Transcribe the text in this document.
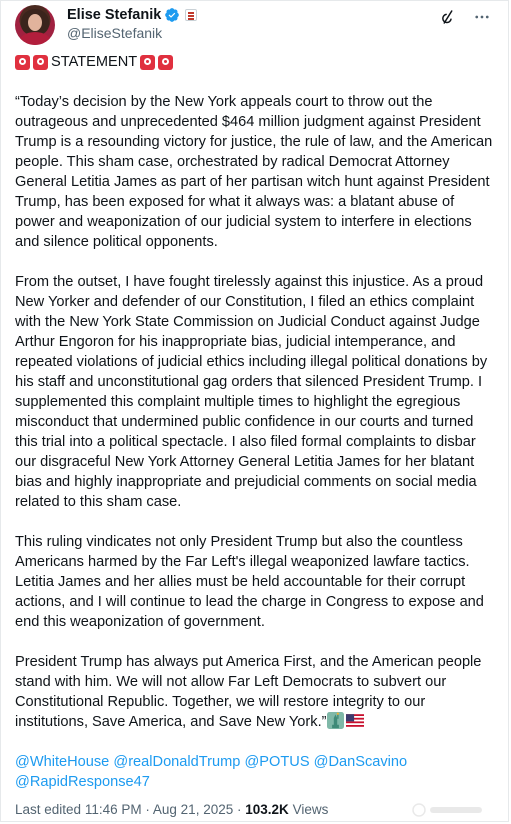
Elise Stefanik
@EliseStefanik
STATEMENT

“Today’s decision by the New York appeals court to throw out the outrageous and unprecedented $464 million judgment against President Trump is a resounding victory for justice, the rule of law, and the American people. This sham case, orchestrated by radical Democrat Attorney General Letitia James as part of her partisan witch hunt against President Trump, has been exposed for what it always was: a blatant abuse of power and weaponization of our judicial system to interfere in elections and silence political opponents.

From the outset, I have fought tirelessly against this injustice. As a proud New Yorker and defender of our Constitution, I filed an ethics complaint with the New York State Commission on Judicial Conduct against Judge Arthur Engoron for his inappropriate bias, judicial intemperance, and repeated violations of judicial ethics including illegal political donations by his staff and unconstitutional gag orders that silenced President Trump. I supplemented this complaint multiple times to highlight the egregious misconduct that undermined public confidence in our courts and turned this trial into a political spectacle. I also filed formal complaints to disbar our disgraceful New York Attorney General Letitia James for her blatant bias and highly inappropriate and prejudicial comments on social media related to this sham case.

This ruling vindicates not only President Trump but also the countless Americans harmed by the Far Left's illegal weaponized lawfare tactics. Letitia James and her allies must be held accountable for their corrupt actions, and I will continue to lead the charge in Congress to expose and end this weaponization of government.

President Trump has always put America First, and the American people stand with him. We will not allow Far Left Democrats to subvert our Constitutional Republic. Together, we will restore integrity to our institutions, Save America, and Save New York.”

@WhiteHouse @realDonaldTrump @POTUS @DanScavino
@RapidResponse47
Last edited 11:46 PM · Aug 21, 2025 · 103.2K Views
